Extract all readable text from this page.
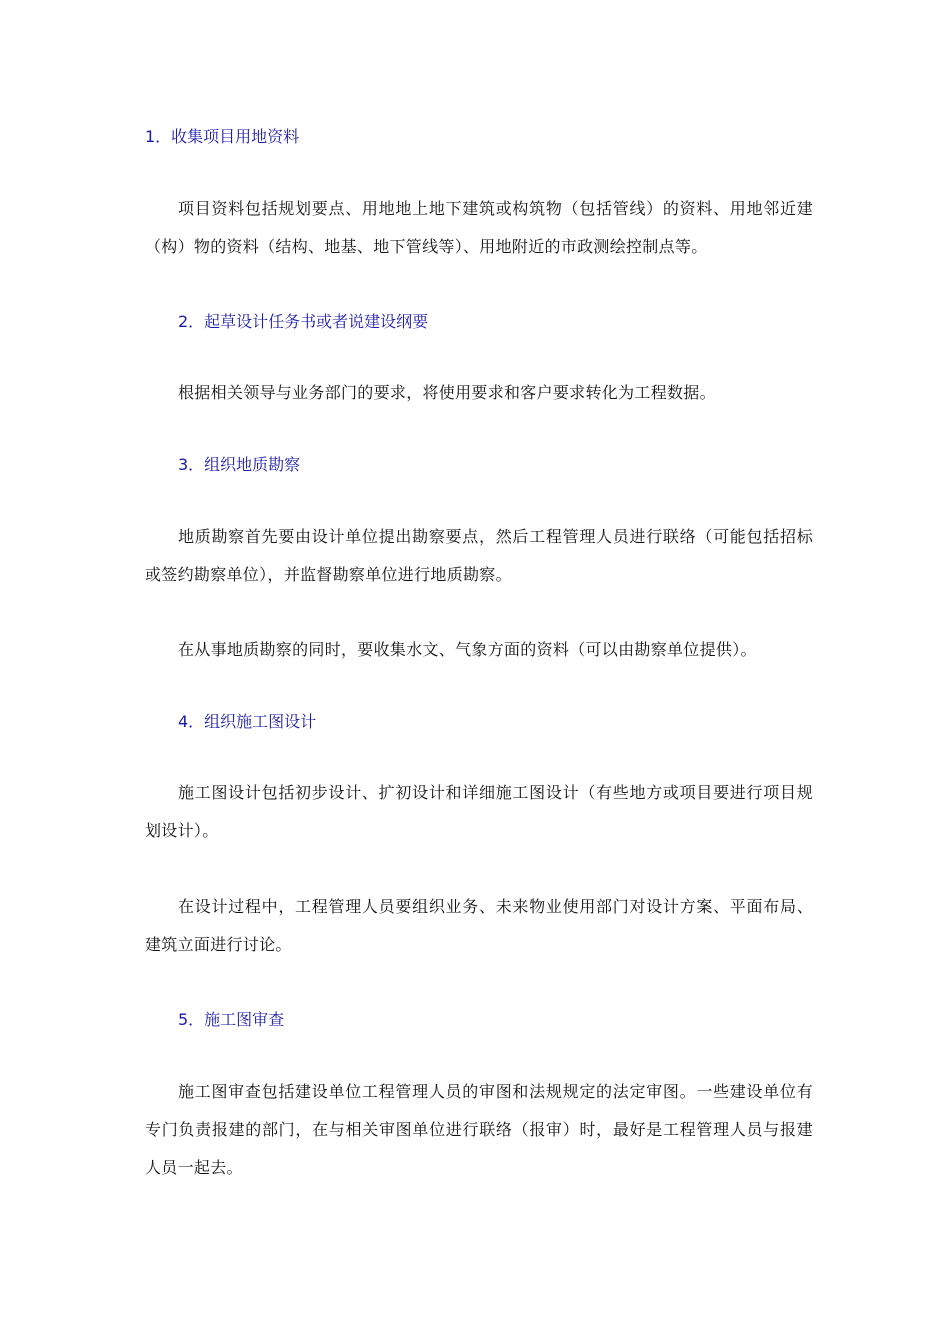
1．收集项目用地资料

项目资料包括规划要点、用地地上地下建筑或构筑物（包括管线）的资料、用地邻近建（构）物的资料（结构、地基、地下管线等）、用地附近的市政测绘控制点等。

2．起草设计任务书或者说建设纲要

根据相关领导与业务部门的要求，将使用要求和客户要求转化为工程数据。

3．组织地质勘察

地质勘察首先要由设计单位提出勘察要点，然后工程管理人员进行联络（可能包括招标或签约勘察单位），并监督勘察单位进行地质勘察。

在从事地质勘察的同时，要收集水文、气象方面的资料（可以由勘察单位提供）。

4．组织施工图设计

施工图设计包括初步设计、扩初设计和详细施工图设计（有些地方或项目要进行项目规划设计）。

在设计过程中，工程管理人员要组织业务、未来物业使用部门对设计方案、平面布局、建筑立面进行讨论。

5．施工图审查

施工图审查包括建设单位工程管理人员的审图和法规规定的法定审图。一些建设单位有专门负责报建的部门，在与相关审图单位进行联络（报审）时，最好是工程管理人员与报建人员一起去。
